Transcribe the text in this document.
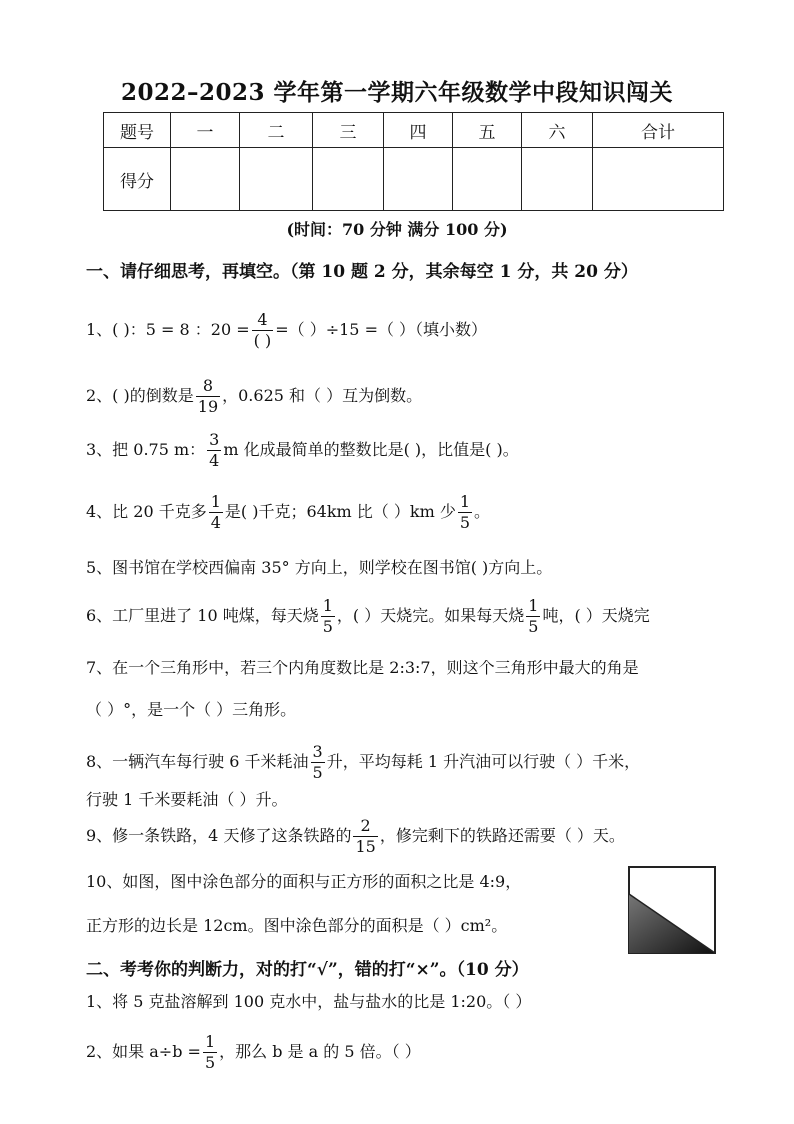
2022–2023 学年第一学期六年级数学中段知识闯关
题号	一	二	三	四	五	六	合计
得分							
(时间：70 分钟 满分 100 分)
一、请仔细思考，再填空。（第 10 题 2 分，其余每空 1 分，共 20 分）
1、( )：5 = 8 ：$20 = \frac{4}{( )}$ =（ ）÷15 =（ ）（填小数）
2、( )的倒数是 $\frac{8}{19}$ ，0.625 和（ ）互为倒数。
3、把 0.75 m： $\frac{3}{4}$ m 化成最简单的整数比是( )，比值是( )。
4、比 20 千克多 $\frac{1}{4}$ 是( )千克；64km 比（ ）km 少 $\frac{1}{5}$ 。
5、图书馆在学校西偏南 35° 方向上，则学校在图书馆( )方向上。
6、工厂里进了 10 吨煤，每天烧 $\frac{1}{5}$ ，( ）天烧完。如果每天烧 $\frac{1}{5}$ 吨，( ）天烧完
7、在一个三角形中，若三个内角度数比是 2:3:7，则这个三角形中最大的角是
（ ）°，是一个（ ）三角形。
8、一辆汽车每行驶 6 千米耗油 $\frac{3}{5}$ 升，平均每耗 1 升汽油可以行驶（ ）千米，
行驶 1 千米要耗油（ ）升。
9、修一条铁路，4 天修了这条铁路的 $\frac{2}{15}$ ，修完剩下的铁路还需要（ ）天。
10、如图，图中涂色部分的面积与正方形的面积之比是 4:9，
正方形的边长是 12cm。图中涂色部分的面积是（ ）cm²。
二、考考你的判断力，对的打“√”，错的打“×”。（10 分）
1、将 5 克盐溶解到 100 克水中，盐与盐水的比是 1:20。（ ）
2、如果 $a\div b = \frac{1}{5}$ ，那么 b 是 a 的 5 倍。（ ）
